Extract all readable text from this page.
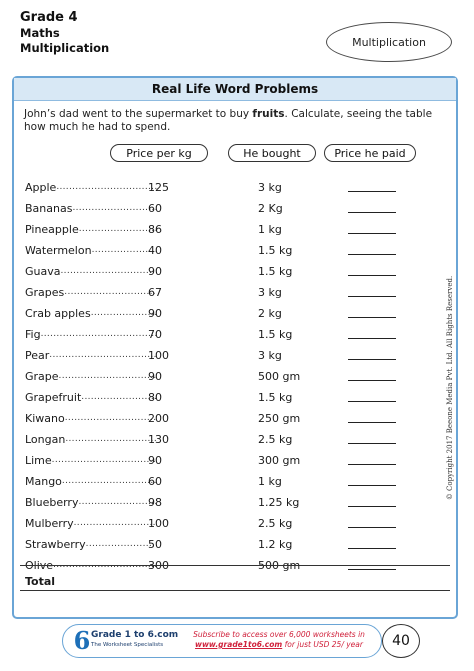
Grade 4
Maths
Multiplication	Multiplication
Real Life Word Problems
John’s dad went to the supermarket to buy fruits. Calculate, seeing the table how much he had to spend.
Price per kg	He bought	Price he paid
Apple .....	125	3 kg
Bananas .....	60	2 Kg
Pineapple .....	86	1 kg
Watermelon .....	40	1.5 kg
Guava .....	90	1.5 kg
Grapes .....	67	3 kg
Crab apples .....	90	2 kg
Fig .....	70	1.5 kg
Pear .....	100	3 kg
Grape .....	90	500 gm
Grapefruit .....	80	1.5 kg
Kiwano .....	200	250 gm
Longan .....	130	2.5 kg
Lime .....	90	300 gm
Mango .....	60	1 kg
Blueberry .....	98	1.25 kg
Mulberry .....	100	2.5 kg
Strawberry .....	50	1.2 kg
Olive .....	300	500 gm
Total
© Copyright 2017 Beeone Media Pvt. Ltd. All Rights Reserved.
6 Grade 1 to 6.com
The Worksheet Specialists
Subscribe to access over 6,000 worksheets in
www.grade1to6.com for just USD 25/ year	40
